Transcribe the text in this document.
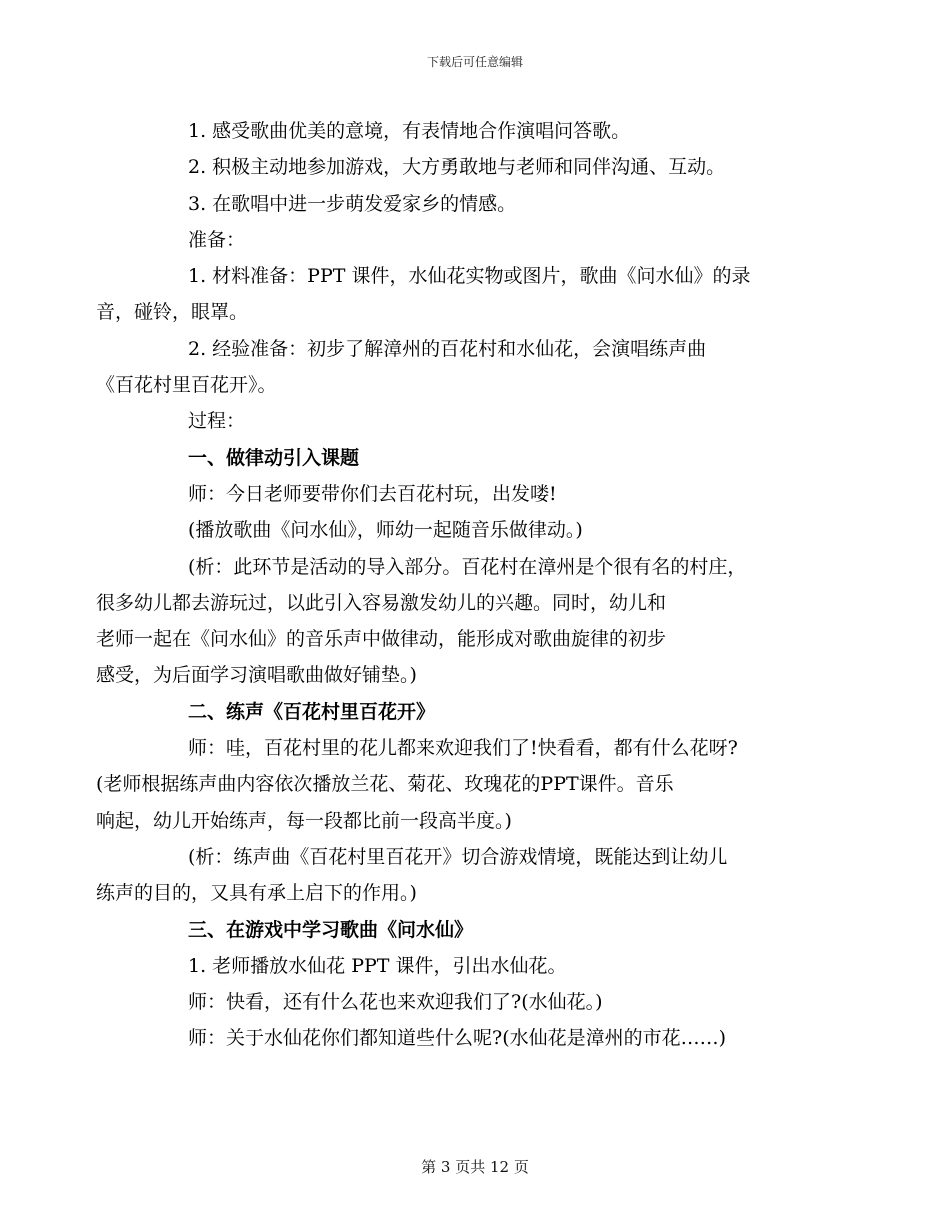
下载后可任意编辑
1. 感受歌曲优美的意境，有表情地合作演唱问答歌。
2. 积极主动地参加游戏，大方勇敢地与老师和同伴沟通、互动。
3. 在歌唱中进一步萌发爱家乡的情感。
准备：
1. 材料准备：PPT 课件，水仙花实物或图片，歌曲《问水仙》的录
音，碰铃，眼罩。
2. 经验准备：初步了解漳州的百花村和水仙花，会演唱练声曲
《百花村里百花开》。
过程：
一、做律动引入课题
师：今日老师要带你们去百花村玩，出发喽!
(播放歌曲《问水仙》，师幼一起随音乐做律动。)
(析：此环节是活动的导入部分。百花村在漳州是个很有名的村庄，
很多幼儿都去游玩过，以此引入容易激发幼儿的兴趣。同时，幼儿和
老师一起在《问水仙》的音乐声中做律动，能形成对歌曲旋律的初步
感受，为后面学习演唱歌曲做好铺垫。)
二、练声《百花村里百花开》
师：哇，百花村里的花儿都来欢迎我们了!快看看，都有什么花呀?
(老师根据练声曲内容依次播放兰花、菊花、玫瑰花的PPT课件。音乐
响起，幼儿开始练声，每一段都比前一段高半度。)
(析：练声曲《百花村里百花开》切合游戏情境，既能达到让幼儿
练声的目的，又具有承上启下的作用。)
三、在游戏中学习歌曲《问水仙》
1. 老师播放水仙花 PPT 课件，引出水仙花。
师：快看，还有什么花也来欢迎我们了?(水仙花。)
师：关于水仙花你们都知道些什么呢?(水仙花是漳州的市花……)
第 3 页共 12 页
